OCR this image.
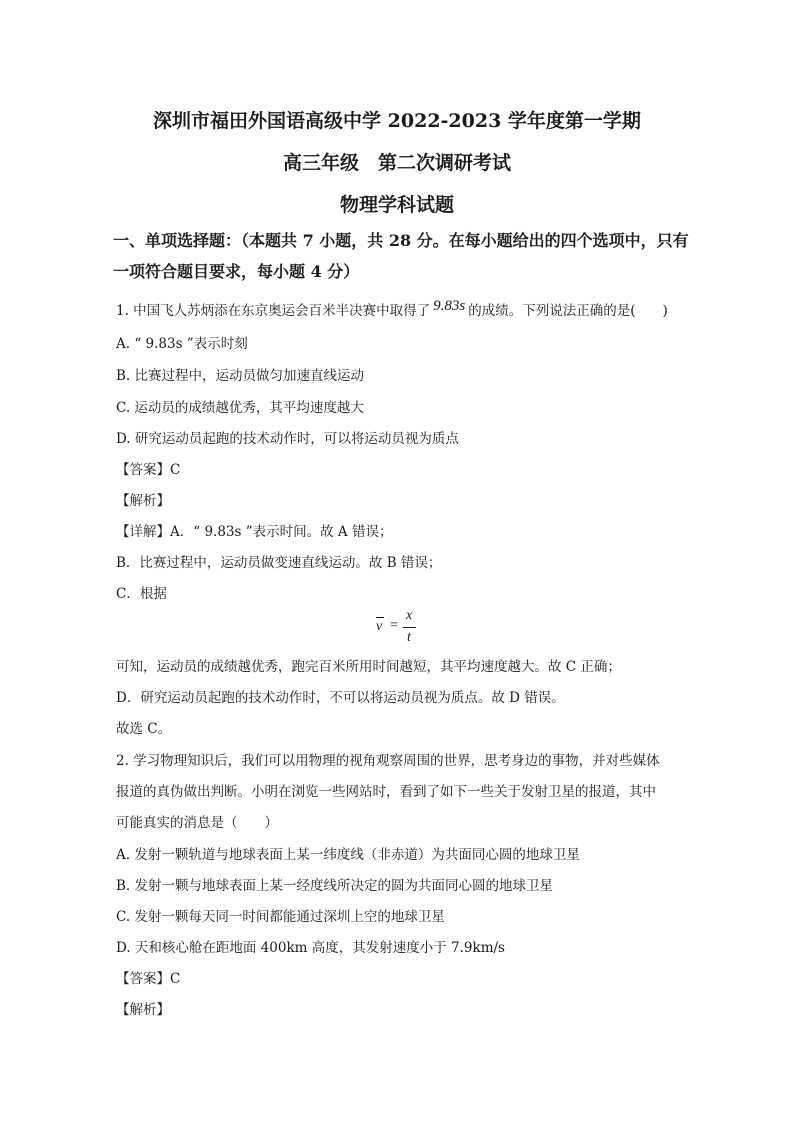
深圳市福田外国语高级中学 2022-2023 学年度第一学期
高三年级　第二次调研考试
物理学科试题
一、单项选择题：（本题共 7 小题，共 28 分。在每小题给出的四个选项中，只有
一项符合题目要求，每小题 4 分）
1. 中国飞人苏炳添在东京奥运会百米半决赛中取得了 9.83s 的成绩。下列说法正确的是(　　)
A. “ 9.83s ”表示时刻
B. 比赛过程中，运动员做匀加速直线运动
C. 运动员的成绩越优秀，其平均速度越大
D. 研究运动员起跑的技术动作时，可以将运动员视为质点
【答案】C
【解析】
【详解】A．“ 9.83s ”表示时间。故 A 错误；
B．比赛过程中，运动员做变速直线运动。故 B 错误；
C．根据
v =
x
t
可知，运动员的成绩越优秀，跑完百米所用时间越短，其平均速度越大。故 C 正确；
D．研究运动员起跑的技术动作时，不可以将运动员视为质点。故 D 错误。
故选 C。
2. 学习物理知识后，我们可以用物理的视角观察周围的世界，思考身边的事物，并对些媒体
报道的真伪做出判断。小明在浏览一些网站时，看到了如下一些关于发射卫星的报道，其中
可能真实的消息是（　　）
A. 发射一颗轨道与地球表面上某一纬度线（非赤道）为共面同心圆的地球卫星
B. 发射一颗与地球表面上某一经度线所决定的圆为共面同心圆的地球卫星
C. 发射一颗每天同一时间都能通过深圳上空的地球卫星
D. 天和核心舱在距地面 400km 高度，其发射速度小于 7.9km/s
【答案】C
【解析】
